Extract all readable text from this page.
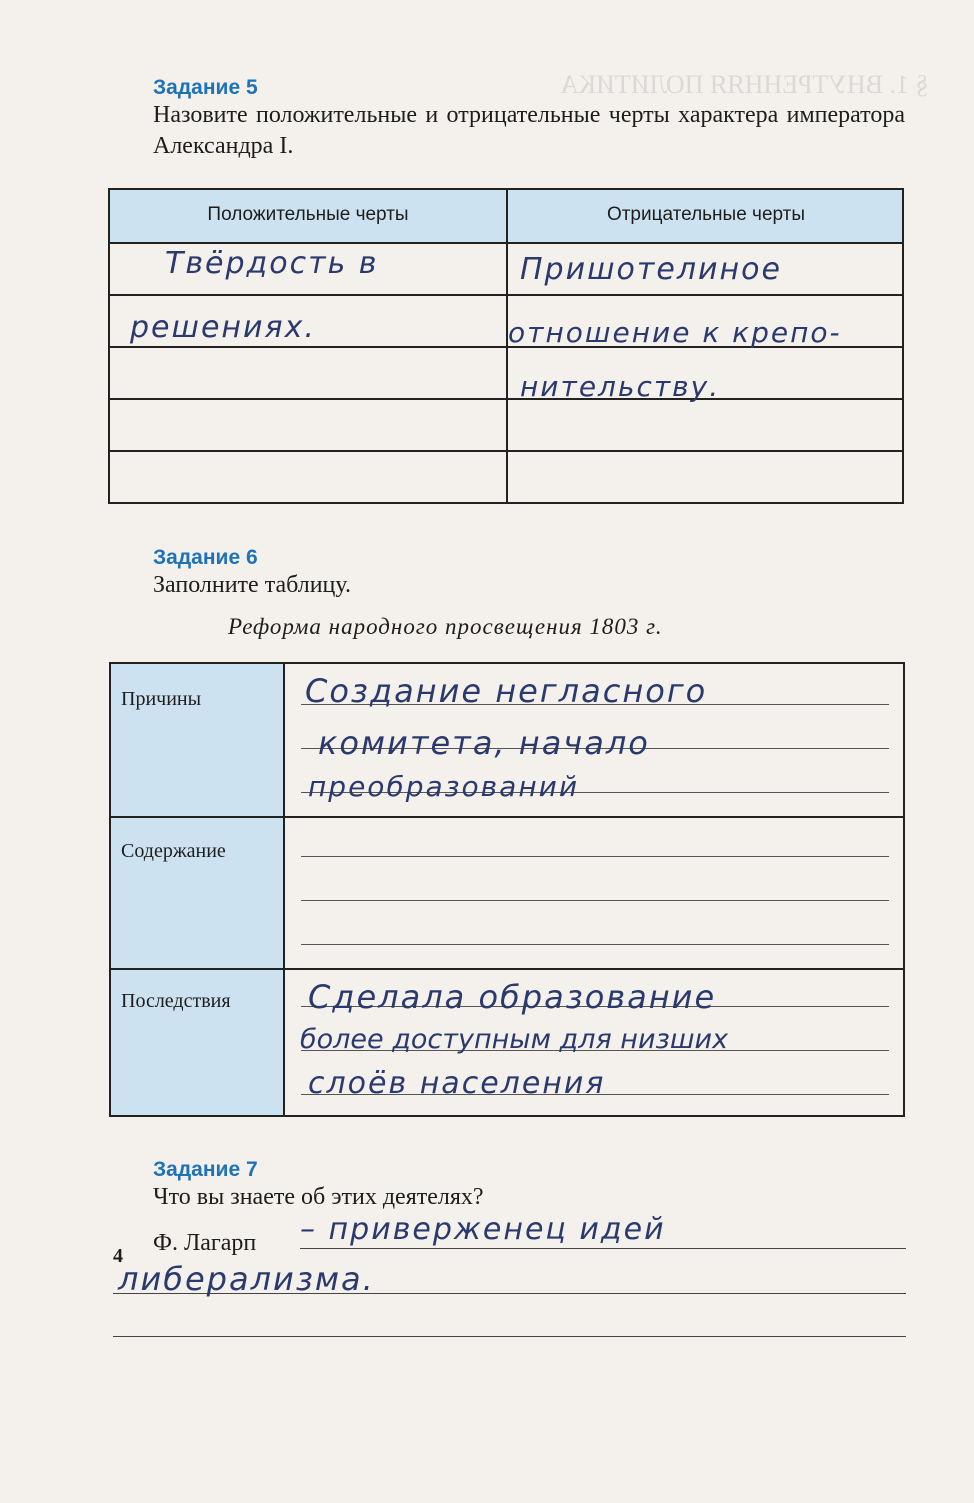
§ 1. ВНУТРЕННЯЯ ПОЛИТИКА
Задание 5
Назовите положительные и отрицательные черты характера императора Александра I.
Положительные черты	Отрицательные черты
Твёрдость в
решениях.
Пришотелиное
отношение к крепо-
нительству.
Задание 6
Заполните таблицу.
Реформа народного просвещения 1803 г.
Причины
Содержание
Последствия
Создание негласного
комитета, начало
преобразований
Сделала образование
более доступным для низших
слоёв населения
Задание 7
Что вы знаете об этих деятелях?
Ф. Лагарп – приверженец идей
либерализма.
4
